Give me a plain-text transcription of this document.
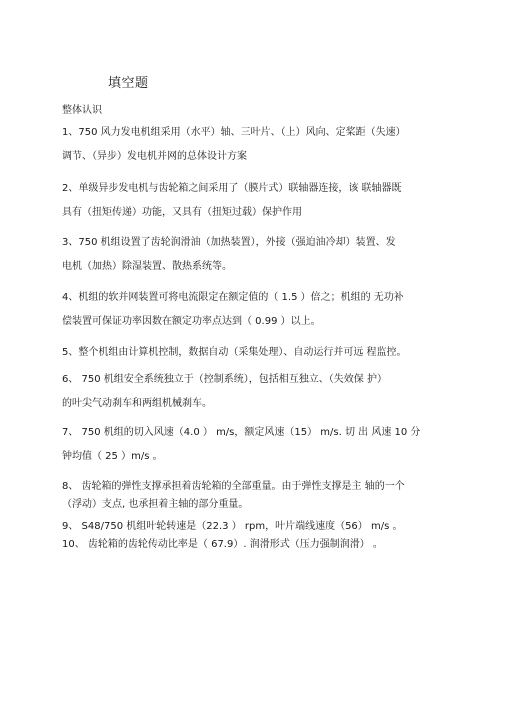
填空题
整体认识
1、750 风力发电机组采用（水平）轴、三叶片、（上）风向、定桨距（失速）
调节、（异步）发电机并网的总体设计方案
2、单级异步发电机与齿轮箱之间采用了（膜片式）联轴器连接，该 联轴器既
具有（扭矩传递）功能，又具有（扭矩过载）保护作用
3、750 机组设置了齿轮润滑油（加热装置），外接（强迫油冷却）装置、发
电机（加热）除湿装置、散热系统等。
4、机组的软并网装置可将电流限定在额定值的（ 1.5 ）倍之；机组的 无功补
偿装置可保证功率因数在额定功率点达到（ 0.99 ）以上。
5、整个机组由计算机控制，数据自动（采集处理）、自动运行并可远 程监控。
6、 750 机组安全系统独立于（控制系统），包括相互独立、（失效保 护）
的叶尖气动刹车和两组机械刹车。
7、 750 机组的切入风速（4.0 ） m/s，额定风速（15） m/s. 切 出 风速 10 分
钟均值（ 25 ）m/s 。
8、 齿轮箱的弹性支撑承担着齿轮箱的全部重量。由于弹性支撑是主 轴的一个
（浮动）支点, 也承担着主轴的部分重量。
9、 S48/750 机组叶轮转速是（22.3 ） rpm，叶片端线速度（56） m/s 。
10、 齿轮箱的齿轮传动比率是（ 67.9）. 润滑形式（压力强制润滑） 。
